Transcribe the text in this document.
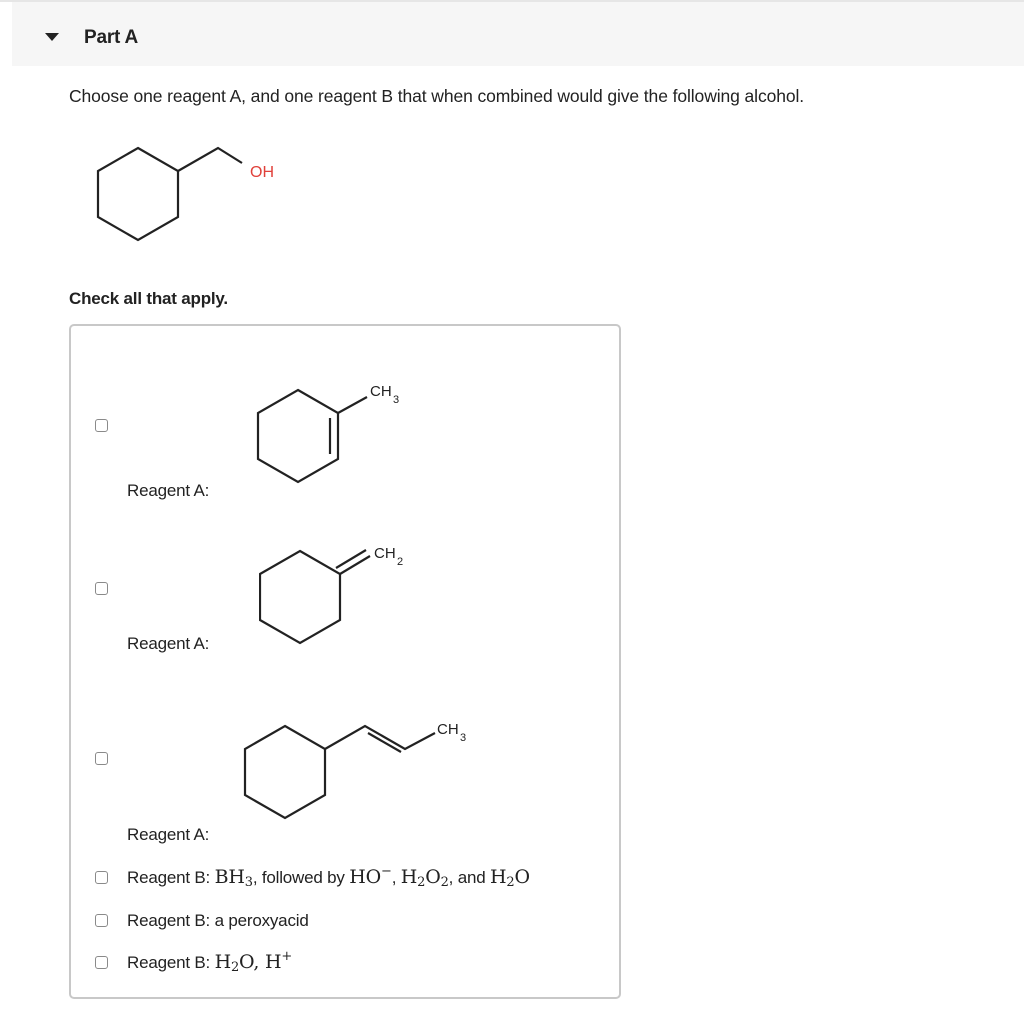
Part A
Choose one reagent A, and one reagent B that when combined would give the following alcohol.
OH
Check all that apply.
CH 3
Reagent A:
CH 2
Reagent A:
CH 3
Reagent A:
Reagent B: $BH_3$, followed by HO−, $H_2O_2$, and $H_2O$
Reagent B: a peroxyacid
Reagent B: $H_2O$, H+
